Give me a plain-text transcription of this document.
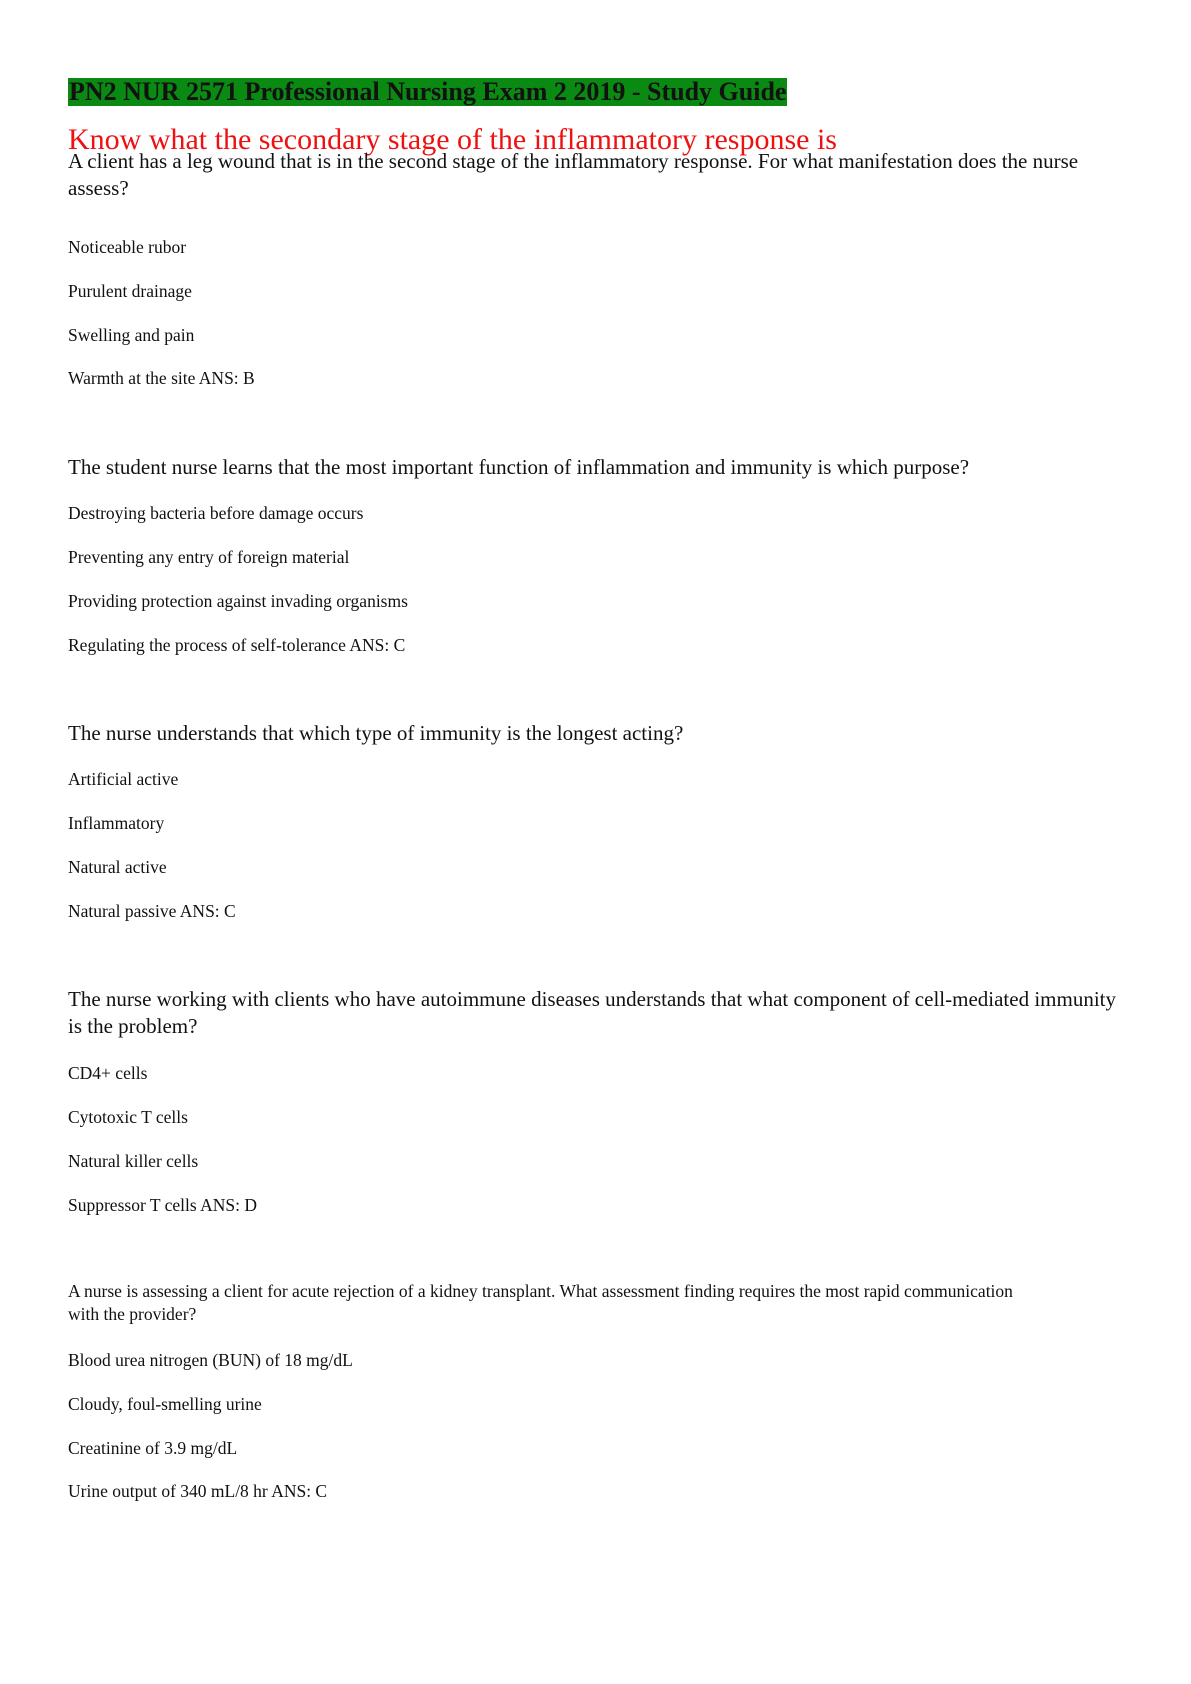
PN2 NUR 2571 Professional Nursing Exam 2 2019 - Study Guide
Know what the secondary stage of the inflammatory response is
A client has a leg wound that is in the second stage of the inflammatory response. For what manifestation does the nurse assess?
Noticeable rubor
Purulent drainage
Swelling and pain
Warmth at the site ANS: B
The student nurse learns that the most important function of inflammation and immunity is which purpose?
Destroying bacteria before damage occurs
Preventing any entry of foreign material
Providing protection against invading organisms
Regulating the process of self-tolerance ANS: C
The nurse understands that which type of immunity is the longest acting?
Artificial active
Inflammatory
Natural active
Natural passive ANS: C
The nurse working with clients who have autoimmune diseases understands that what component of cell-mediated immunity is the problem?
CD4+ cells
Cytotoxic T cells
Natural killer cells
Suppressor T cells ANS: D
A nurse is assessing a client for acute rejection of a kidney transplant. What assessment finding requires the most rapid communication with the provider?
Blood urea nitrogen (BUN) of 18 mg/dL
Cloudy, foul-smelling urine
Creatinine of 3.9 mg/dL
Urine output of 340 mL/8 hr ANS: C
